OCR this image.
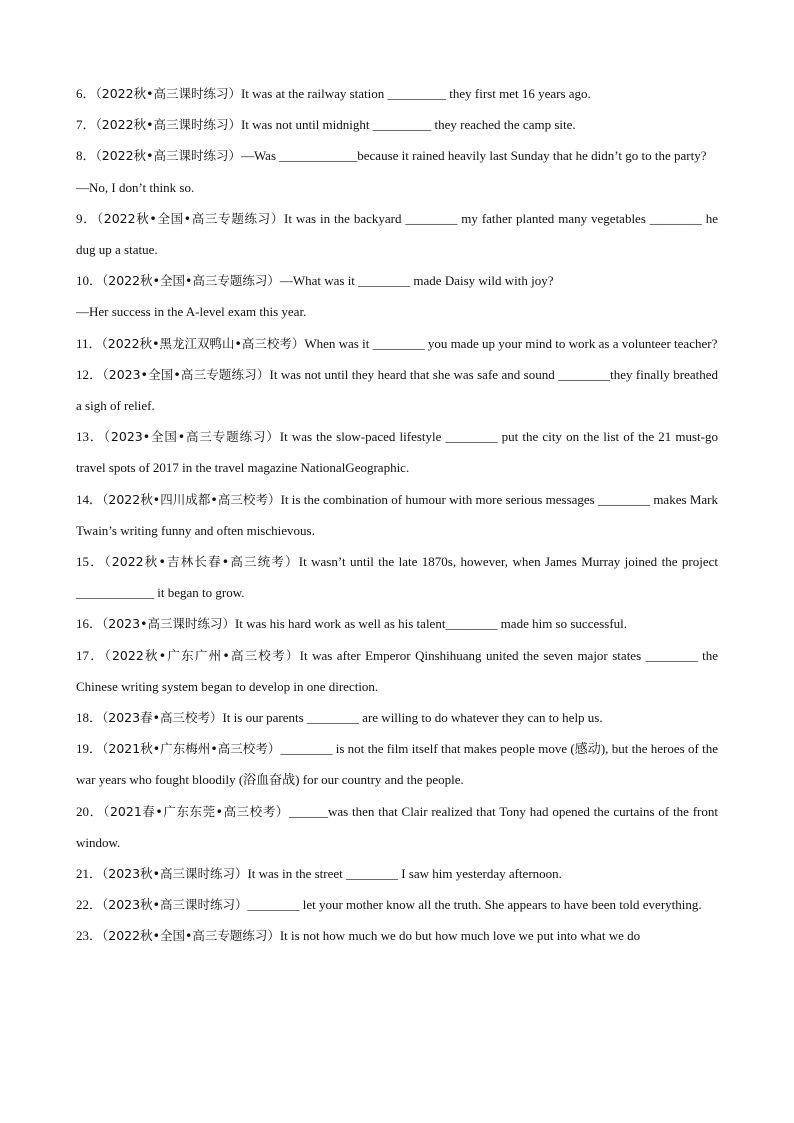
6．（2022秋•高三课时练习）It was at the railway station _________ they first met 16 years ago.
7．（2022秋•高三课时练习）It was not until midnight _________ they reached the camp site.
8．（2022秋•高三课时练习）—Was ____________because it rained heavily last Sunday that he didn’t go to the party?
—No, I don’t think so.
9．（2022秋•全国•高三专题练习）It was in the backyard ________ my father planted many vegetables ________ he dug up a statue.
10．（2022秋•全国•高三专题练习）—What was it ________ made Daisy wild with joy?
—Her success in the A-level exam this year.
11．（2022秋•黑龙江双鸭山•高三校考）When was it ________ you made up your mind to work as a volunteer teacher?
12．（2023•全国•高三专题练习）It was not until they heard that she was safe and sound ________they finally breathed a sigh of relief.
13．（2023•全国•高三专题练习）It was the slow-paced lifestyle ________ put the city on the list of the 21 must-go travel spots of 2017 in the travel magazine NationalGeographic.
14．（2022秋•四川成都•高三校考）It is the combination of humour with more serious messages ________ makes Mark Twain’s writing funny and often mischievous.
15．（2022秋•吉林长春•高三统考）It wasn’t until the late 1870s, however, when James Murray joined the project ____________ it began to grow.
16．（2023•高三课时练习）It was his hard work as well as his talent________ made him so successful.
17．（2022秋•广东广州•高三校考）It was after Emperor Qinshihuang united the seven major states ________ the Chinese writing system began to develop in one direction.
18．（2023春•高三校考）It is our parents ________ are willing to do whatever they can to help us.
19．（2021秋•广东梅州•高三校考）________ is not the film itself that makes people move (感动), but the heroes of the war years who fought bloodily (浴血奋战) for our country and the people.
20．（2021春•广东东莞•高三校考）______was then that Clair realized that Tony had opened the curtains of the front window.
21．（2023秋•高三课时练习）It was in the street ________ I saw him yesterday afternoon.
22．（2023秋•高三课时练习）________ let your mother know all the truth. She appears to have been told everything.
23．（2022秋•全国•高三专题练习）It is not how much we do but how much love we put into what we do
